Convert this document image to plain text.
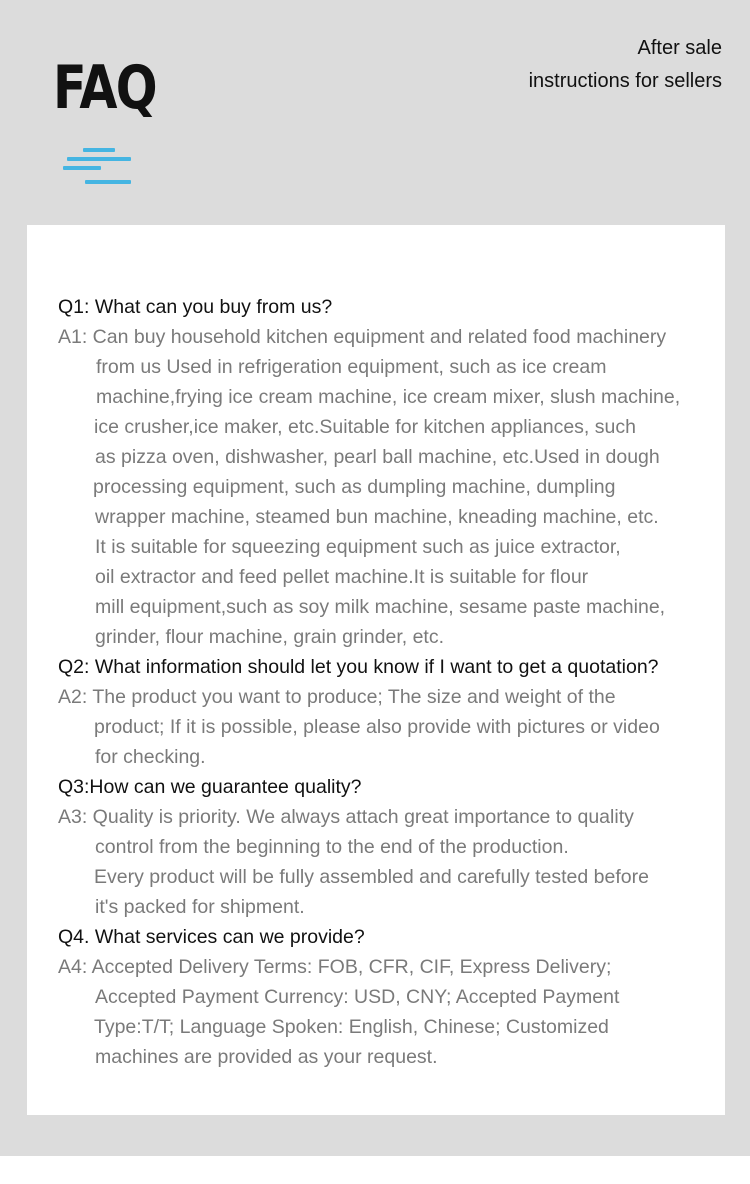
FAQ
After sale
instructions for sellers
Q1: What can you buy from us?
A1: Can buy household kitchen equipment and related food machinery
from us Used in refrigeration equipment, such as ice cream
machine,frying ice cream machine, ice cream mixer, slush machine,
ice crusher,ice maker, etc.Suitable for kitchen appliances, such
as pizza oven, dishwasher, pearl ball machine, etc.Used in dough
processing equipment, such as dumpling machine, dumpling
wrapper machine, steamed bun machine, kneading machine, etc.
It is suitable for squeezing equipment such as juice extractor,
oil extractor and feed pellet machine.It is suitable for flour
mill equipment,such as soy milk machine, sesame paste machine,
grinder, flour machine, grain grinder, etc.
Q2: What information should let you know if I want to get a quotation?
A2: The product you want to produce; The size and weight of the
product; If it is possible, please also provide with pictures or video
for checking.
Q3:How can we guarantee quality?
A3: Quality is priority. We always attach great importance to quality
control from the beginning to the end of the production.
Every product will be fully assembled and carefully tested before
it's packed for shipment.
Q4. What services can we provide?
A4: Accepted Delivery Terms: FOB, CFR, CIF, Express Delivery;
Accepted Payment Currency: USD, CNY; Accepted Payment
Type:T/T; Language Spoken: English, Chinese; Customized
machines are provided as your request.
